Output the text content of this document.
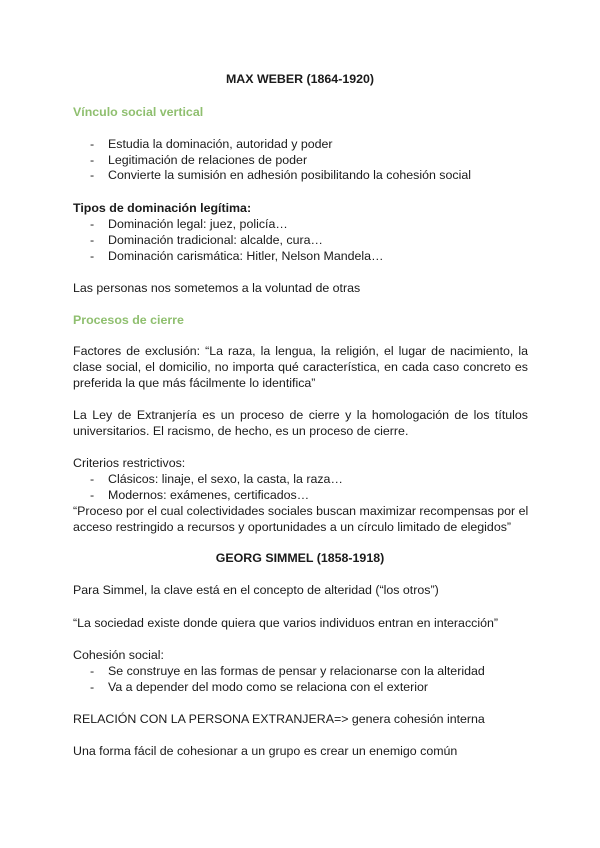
MAX WEBER (1864-1920)
Vínculo social vertical
- Estudia la dominación, autoridad y poder
- Legitimación de relaciones de poder
- Convierte la sumisión en adhesión posibilitando la cohesión social
Tipos de dominación legítima:
- Dominación legal: juez, policía…
- Dominación tradicional: alcalde, cura…
- Dominación carismática: Hitler, Nelson Mandela…
Las personas nos sometemos a la voluntad de otras
Procesos de cierre
Factores de exclusión: “La raza, la lengua, la religión, el lugar de nacimiento, la
clase social, el domicilio, no importa qué característica, en cada caso concreto es
preferida la que más fácilmente lo identifica”
La Ley de Extranjería es un proceso de cierre y la homologación de los títulos
universitarios. El racismo, de hecho, es un proceso de cierre.
Criterios restrictivos:
- Clásicos: linaje, el sexo, la casta, la raza…
- Modernos: exámenes, certificados…
“Proceso por el cual colectividades sociales buscan maximizar recompensas por el
acceso restringido a recursos y oportunidades a un círculo limitado de elegidos”
GEORG SIMMEL (1858-1918)
Para Simmel, la clave está en el concepto de alteridad (“los otros”)
“La sociedad existe donde quiera que varios individuos entran en interacción”
Cohesión social:
- Se construye en las formas de pensar y relacionarse con la alteridad
- Va a depender del modo como se relaciona con el exterior
RELACIÓN CON LA PERSONA EXTRANJERA=> genera cohesión interna
Una forma fácil de cohesionar a un grupo es crear un enemigo común
